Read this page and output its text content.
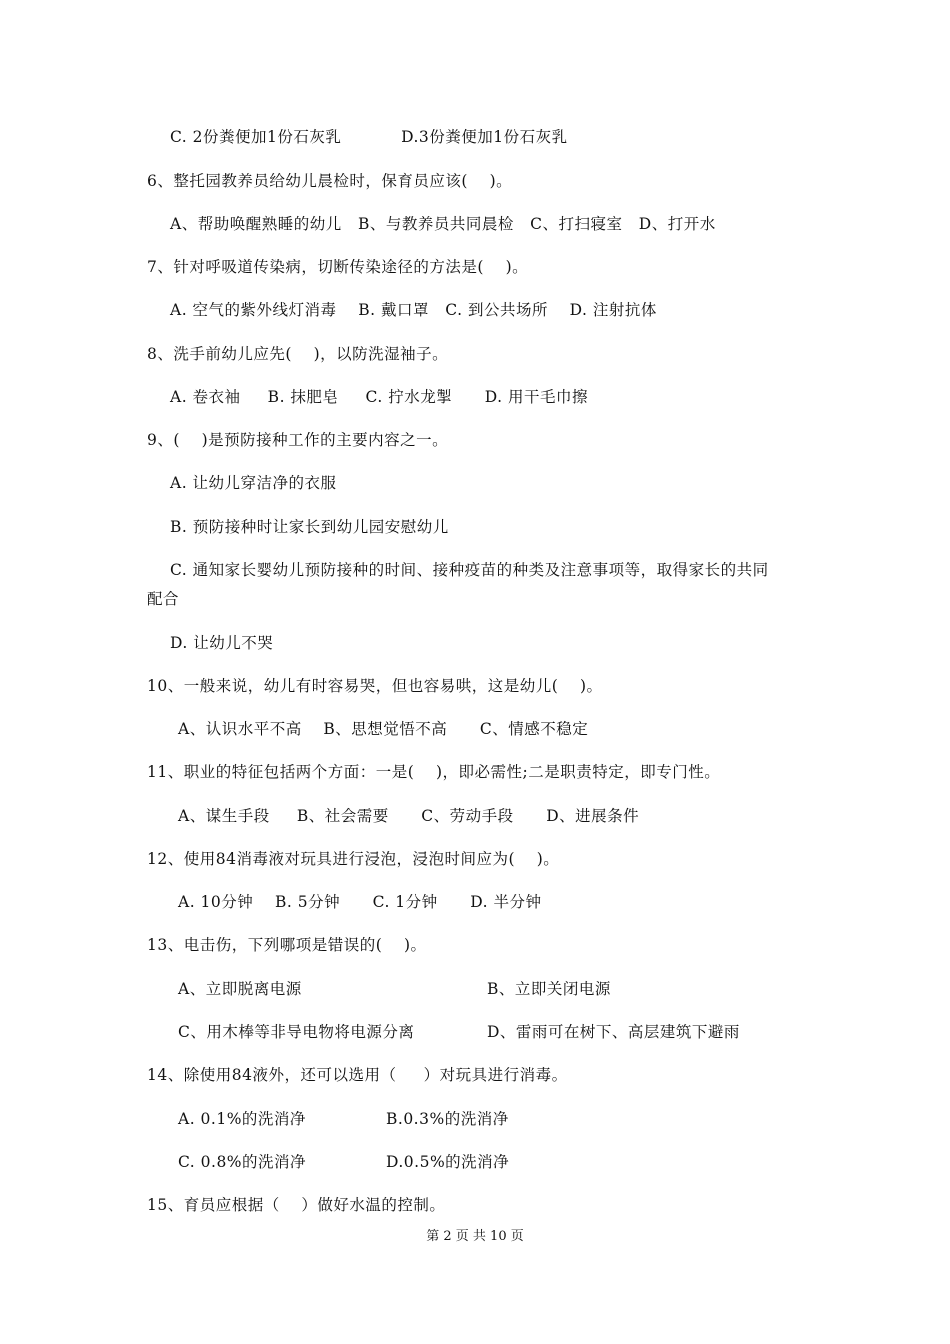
C. 2份粪便加1份石灰乳           D.3份粪便加1份石灰乳
6、整托园教养员给幼儿晨检时，保育员应该(    )。
A、帮助唤醒熟睡的幼儿   B、与教养员共同晨检   C、打扫寝室   D、打开水
7、针对呼吸道传染病，切断传染途径的方法是(    )。
A. 空气的紫外线灯消毒    B. 戴口罩   C. 到公共场所    D. 注射抗体
8、洗手前幼儿应先(    )，以防洗湿袖子。
A. 卷衣袖     B. 抹肥皂     C. 拧水龙掣      D. 用干毛巾擦
9、(    )是预防接种工作的主要内容之一。
A. 让幼儿穿洁净的衣服
B. 预防接种时让家长到幼儿园安慰幼儿
C. 通知家长婴幼儿预防接种的时间、接种疫苗的种类及注意事项等，取得家长的共同
配合
D. 让幼儿不哭
10、一般来说，幼儿有时容易哭，但也容易哄，这是幼儿(    )。
A、认识水平不高    B、思想觉悟不高      C、情感不稳定
11、职业的特征包括两个方面：一是(    )，即必需性;二是职责特定，即专门性。
A、谋生手段     B、社会需要      C、劳动手段      D、进展条件
12、使用84消毒液对玩具进行浸泡，浸泡时间应为(    )。
A. 10分钟    B. 5分钟      C. 1分钟      D. 半分钟
13、电击伤，下列哪项是错误的(    )。
A、立即脱离电源	B、立即关闭电源
C、用木棒等非导电物将电源分离	D、雷雨可在树下、高层建筑下避雨
14、除使用84液外，还可以选用（     ）对玩具进行消毒。
A. 0.1%的洗消净	B.0.3%的洗消净
C. 0.8%的洗消净	D.0.5%的洗消净
15、育员应根据（    ）做好水温的控制。
第 2 页 共 10 页
